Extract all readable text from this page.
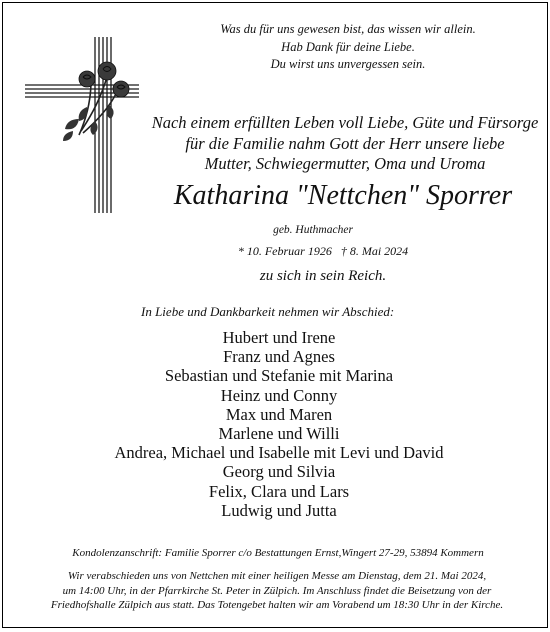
Was du für uns gewesen bist, das wissen wir allein.
Hab Dank für deine Liebe.
Du wirst uns unvergessen sein.
Nach einem erfüllten Leben voll Liebe, Güte und Fürsorge
für die Familie nahm Gott der Herr unsere liebe
Mutter, Schwiegermutter, Oma und Uroma
Katharina "Nettchen" Sporrer
geb. Huthmacher
* 10. Februar 1926   † 8. Mai 2024
zu sich in sein Reich.
In Liebe und Dankbarkeit nehmen wir Abschied:
Hubert und Irene
Franz und Agnes
Sebastian und Stefanie mit Marina
Heinz und Conny
Max und Maren
Marlene und Willi
Andrea, Michael und Isabelle mit Levi und David
Georg und Silvia
Felix, Clara und Lars
Ludwig und Jutta
Kondolenzanschrift: Familie Sporrer c/o Bestattungen Ernst,Wingert 27-29, 53894 Kommern
Wir verabschieden uns von Nettchen mit einer heiligen Messe am Dienstag, dem 21. Mai 2024,
um 14:00 Uhr, in der Pfarrkirche St. Peter in Zülpich. Im Anschluss findet die Beisetzung von der
Friedhofshalle Zülpich aus statt. Das Totengebet halten wir am Vorabend um 18:30 Uhr in der Kirche.
